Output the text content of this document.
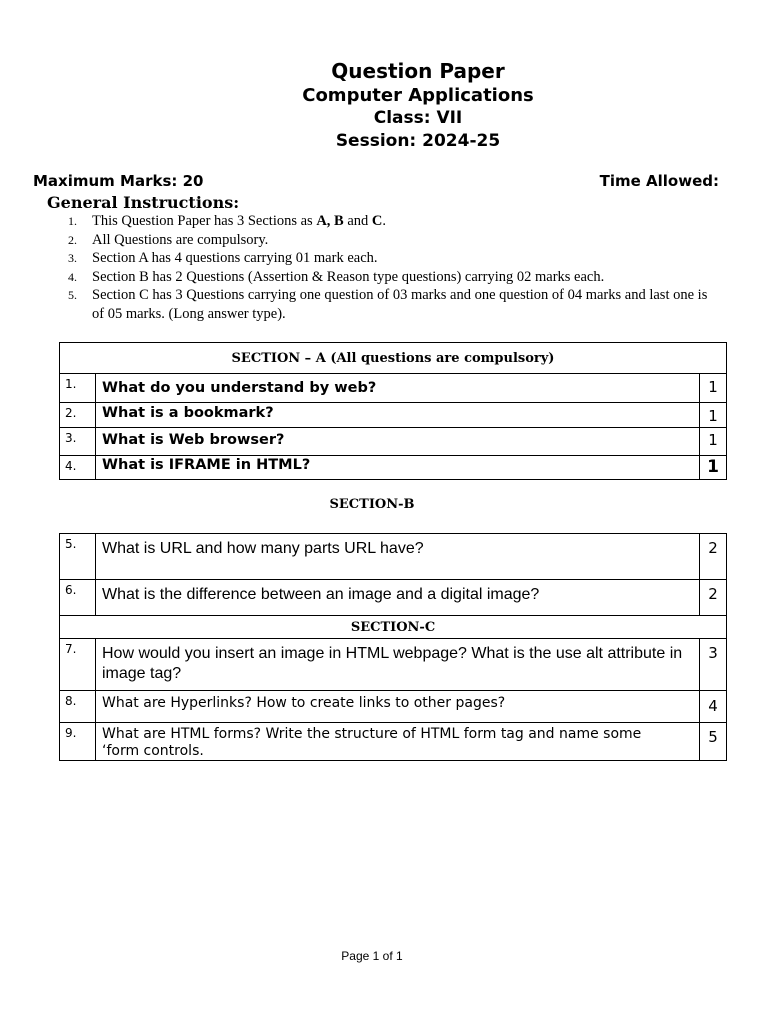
Question Paper
Computer Applications
Class: VII
Session: 2024-25
Maximum Marks: 20	Time Allowed:
General Instructions:
1. This Question Paper has 3 Sections as A, B and C.
2. All Questions are compulsory.
3. Section A has 4 questions carrying 01 mark each.
4. Section B has 2 Questions (Assertion & Reason type questions) carrying 02 marks each.
5. Section C has 3 Questions carrying one question of 03 marks and one question of 04 marks and last one is of 05 marks. (Long answer type).
SECTION – A (All questions are compulsory)		
1.	What do you understand by web?	1
2.	What is a bookmark?	1
3.	What is Web browser?	1
4.	What is IFRAME in HTML?	1
SECTION-B
5.	What is URL and how many parts URL have?	2
6.	What is the difference between an image and a digital image?	2
SECTION-C		
7.	How would you insert an image in HTML webpage? What is the use alt attribute in image tag?	3
8.	What are Hyperlinks? How to create links to other pages?	4
9.	What are HTML forms? Write the structure of HTML form tag and name some ‘form controls.	5
Page 1 of 1
